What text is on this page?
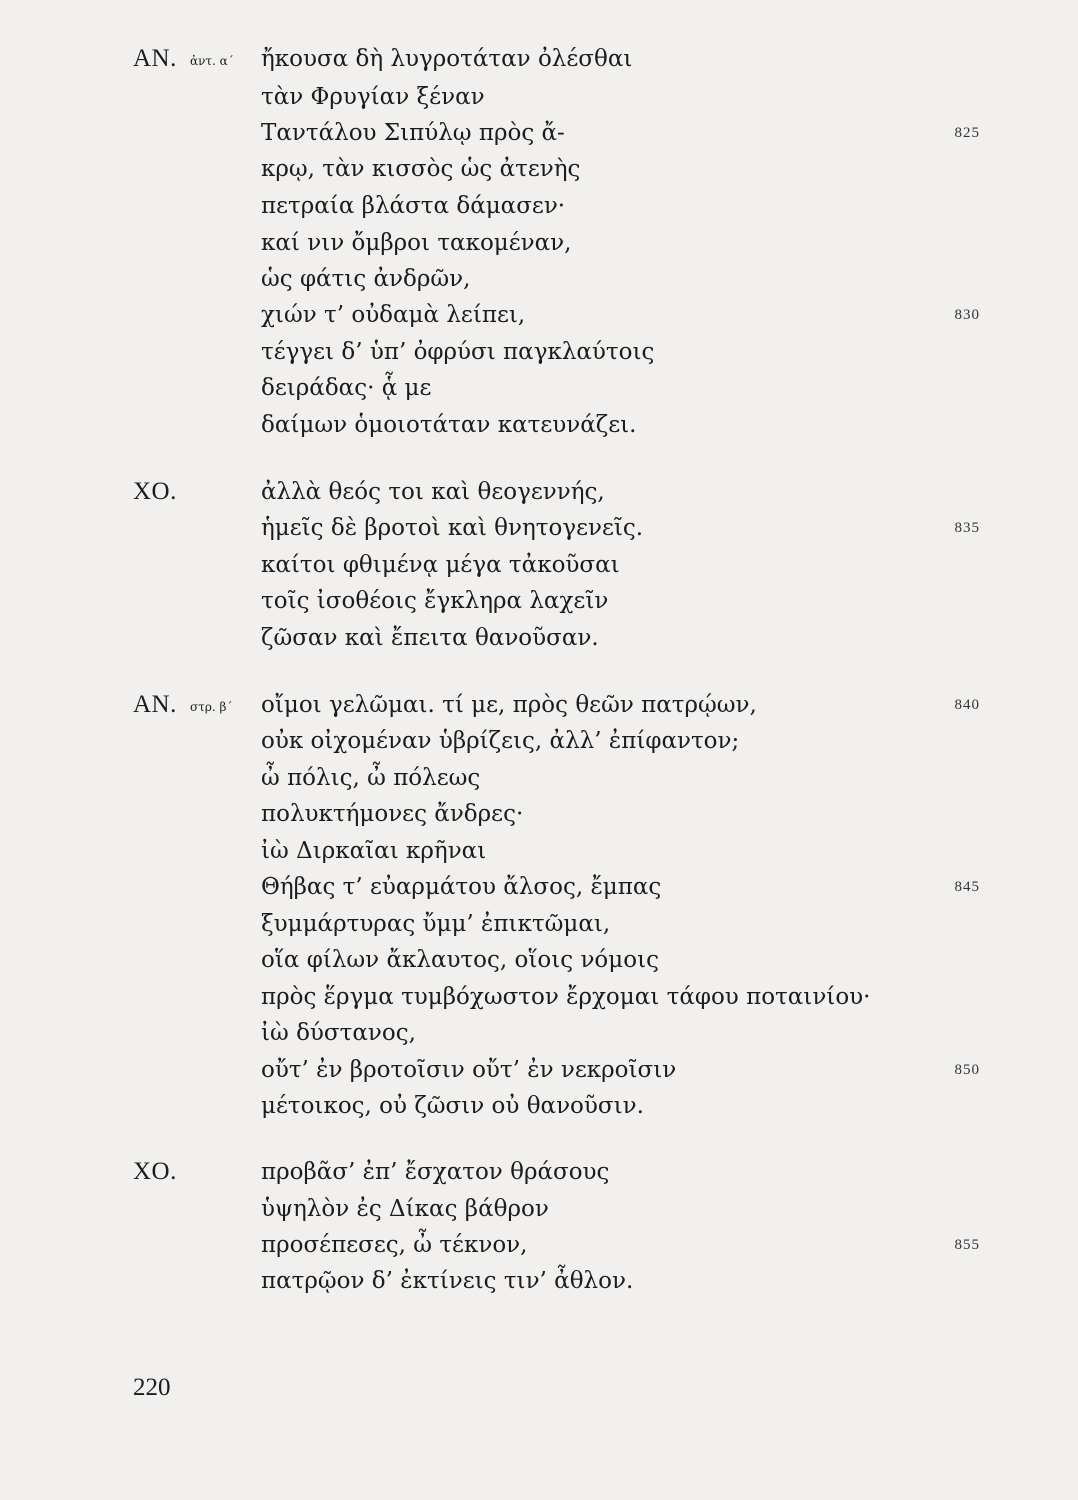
AN. ἀντ. α΄ ἤκουσα δὴ λυγροτάταν ὀλέσθαι
τὰν Φρυγίαν ξέναν
Ταντάλου Σιπύλῳ πρὸς ἄ-	825
κρῳ, τὰν κισσὸς ὡς ἀτενὴς
πετραία βλάστα δάμασεν·
καί νιν ὄμβροι τακομέναν,
ὡς φάτις ἀνδρῶν,
χιών τ’ οὐδαμὰ λείπει,	830
τέγγει δ’ ὑπ’ ὀφρύσι παγκλαύτοις
δειράδας· ᾇ με
δαίμων ὁμοιοτάταν κατευνάζει.
XO.	ἀλλὰ θεός τοι καὶ θεογεννής,
ἡμεῖς δὲ βροτοὶ καὶ θνητογενεῖς.	835
καίτοι φθιμένᾳ μέγα τἀκοῦσαι
τοῖς ἰσοθέοις ἔγκληρα λαχεῖν
ζῶσαν καὶ ἔπειτα θανοῦσαν.
AN. στρ. β΄ οἴμοι γελῶμαι. τί με, πρὸς θεῶν πατρῴων,	840
οὐκ οἰχομέναν ὑβρίζεις, ἀλλ’ ἐπίφαντον;
ὦ πόλις, ὦ πόλεως
πολυκτήμονες ἄνδρες·
ἰὼ Διρκαῖαι κρῆναι
Θήβας τ’ εὐαρμάτου ἄλσος, ἔμπας	845
ξυμμάρτυρας ὔμμ’ ἐπικτῶμαι,
οἵα φίλων ἄκλαυτος, οἵοις νόμοις
πρὸς ἕργμα τυμβόχωστον ἔρχομαι τάφου ποταινίου·
ἰὼ δύστανος,
οὔτ’ ἐν βροτοῖσιν οὔτ’ ἐν νεκροῖσιν	850
μέτοικος, οὐ ζῶσιν οὐ θανοῦσιν.
XO.	προβᾶσ’ ἐπ’ ἔσχατον θράσους
ὑψηλὸν ἐς Δίκας βάθρον
προσέπεσες, ὦ τέκνον,	855
πατρῷον δ’ ἐκτίνεις τιν’ ἆθλον.
220
